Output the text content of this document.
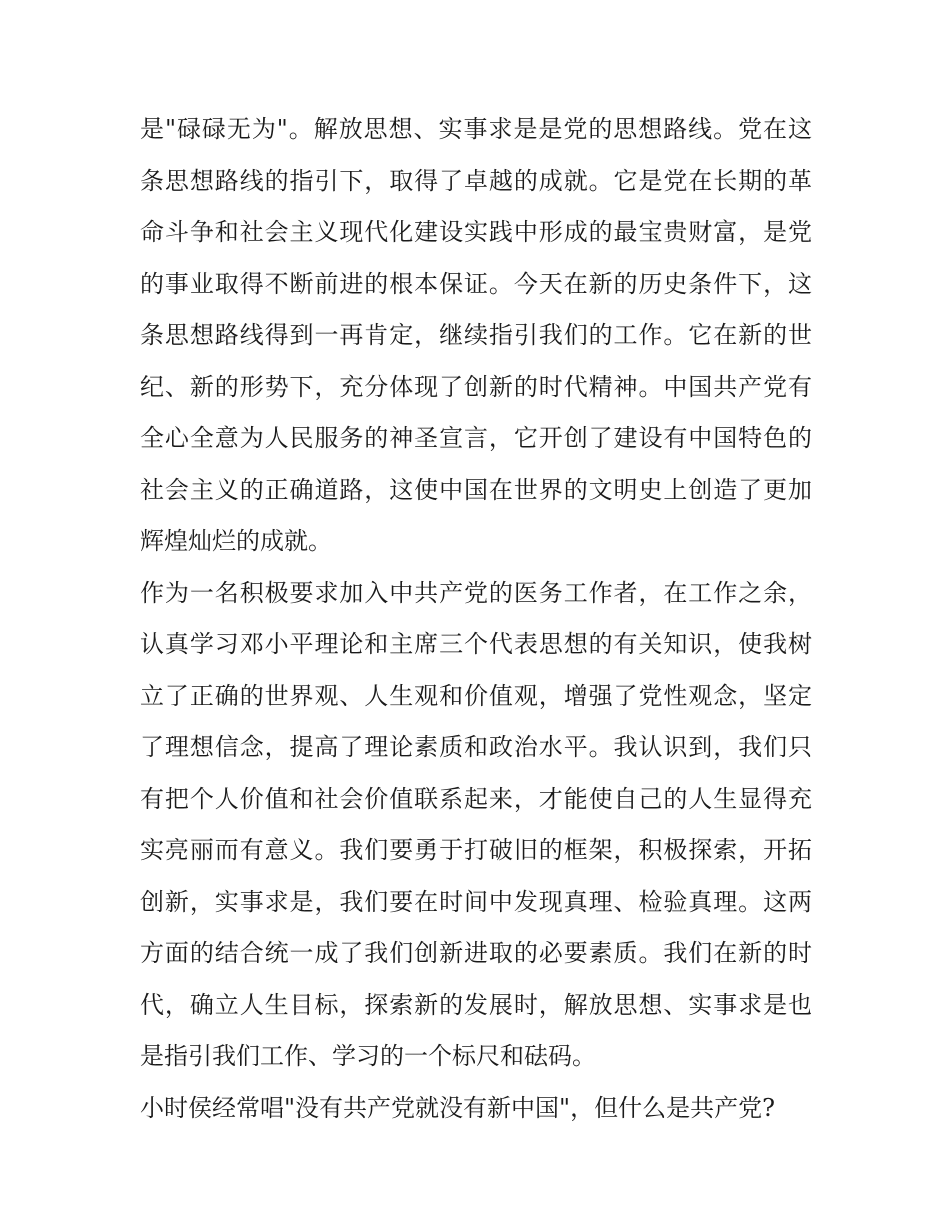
是"碌碌无为"。解放思想、实事求是是党的思想路线。党在这
条思想路线的指引下，取得了卓越的成就。它是党在长期的革
命斗争和社会主义现代化建设实践中形成的最宝贵财富，是党
的事业取得不断前进的根本保证。今天在新的历史条件下，这
条思想路线得到一再肯定，继续指引我们的工作。它在新的世
纪、新的形势下，充分体现了创新的时代精神。中国共产党有
全心全意为人民服务的神圣宣言，它开创了建设有中国特色的
社会主义的正确道路，这使中国在世界的文明史上创造了更加
辉煌灿烂的成就。
作为一名积极要求加入中共产党的医务工作者，在工作之余，
认真学习邓小平理论和主席三个代表思想的有关知识，使我树
立了正确的世界观、人生观和价值观，增强了党性观念，坚定
了理想信念，提高了理论素质和政治水平。我认识到，我们只
有把个人价值和社会价值联系起来，才能使自己的人生显得充
实亮丽而有意义。我们要勇于打破旧的框架，积极探索，开拓
创新，实事求是，我们要在时间中发现真理、检验真理。这两
方面的结合统一成了我们创新进取的必要素质。我们在新的时
代，确立人生目标，探索新的发展时，解放思想、实事求是也
是指引我们工作、学习的一个标尺和砝码。
小时侯经常唱"没有共产党就没有新中国"，但什么是共产党?
